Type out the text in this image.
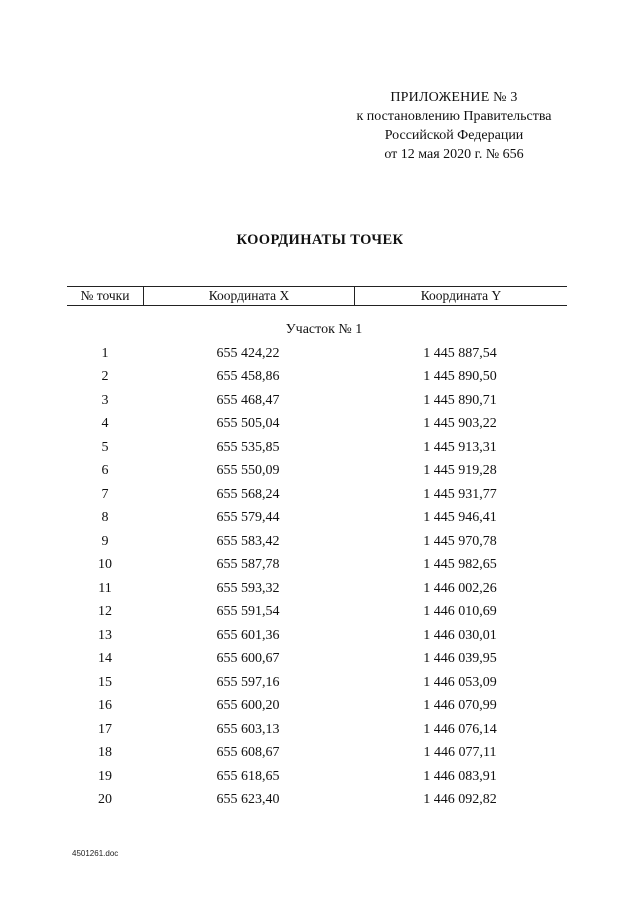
ПРИЛОЖЕНИЕ № 3
к постановлению Правительства
Российской Федерации
от 12 мая 2020 г. № 656
КООРДИНАТЫ ТОЧЕК
№ точки	Координата X	Координата Y
Участок № 1
1	655 424,22	1 445 887,54
2	655 458,86	1 445 890,50
3	655 468,47	1 445 890,71
4	655 505,04	1 445 903,22
5	655 535,85	1 445 913,31
6	655 550,09	1 445 919,28
7	655 568,24	1 445 931,77
8	655 579,44	1 445 946,41
9	655 583,42	1 445 970,78
10	655 587,78	1 445 982,65
11	655 593,32	1 446 002,26
12	655 591,54	1 446 010,69
13	655 601,36	1 446 030,01
14	655 600,67	1 446 039,95
15	655 597,16	1 446 053,09
16	655 600,20	1 446 070,99
17	655 603,13	1 446 076,14
18	655 608,67	1 446 077,11
19	655 618,65	1 446 083,91
20	655 623,40	1 446 092,82
4501261.doc
